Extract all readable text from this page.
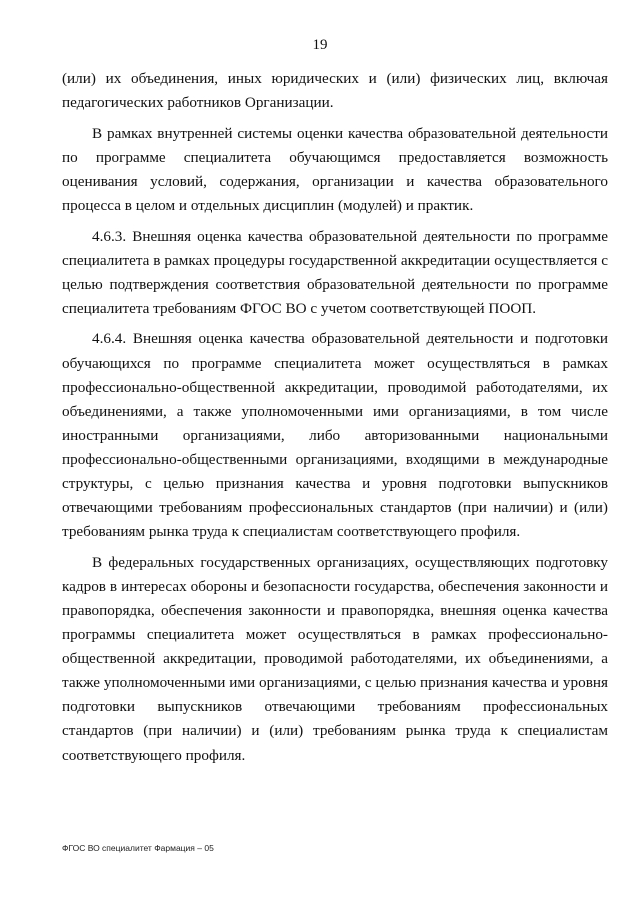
19

(или) их объединения, иных юридических и (или) физических лиц, включая педагогических работников Организации.

В рамках внутренней системы оценки качества образовательной деятельности по программе специалитета обучающимся предоставляется возможность оценивания условий, содержания, организации и качества образовательного процесса в целом и отдельных дисциплин (модулей) и практик.

4.6.3. Внешняя оценка качества образовательной деятельности по программе специалитета в рамках процедуры государственной аккредитации осуществляется с целью подтверждения соответствия образовательной деятельности по программе специалитета требованиям ФГОС ВО с учетом соответствующей ПООП.

4.6.4. Внешняя оценка качества образовательной деятельности и подготовки обучающихся по программе специалитета может осуществляться в рамках профессионально-общественной аккредитации, проводимой работодателями, их объединениями, а также уполномоченными ими организациями, в том числе иностранными организациями, либо авторизованными национальными профессионально-общественными организациями, входящими в международные структуры, с целью признания качества и уровня подготовки выпускников отвечающими требованиям профессиональных стандартов (при наличии) и (или) требованиям рынка труда к специалистам соответствующего профиля.

В федеральных государственных организациях, осуществляющих подготовку кадров в интересах обороны и безопасности государства, обеспечения законности и правопорядка, обеспечения законности и правопорядка, внешняя оценка качества программы специалитета может осуществляться в рамках профессионально-общественной аккредитации, проводимой работодателями, их объединениями, а также уполномоченными ими организациями, с целью признания качества и уровня подготовки выпускников отвечающими требованиям профессиональных стандартов (при наличии) и (или) требованиям рынка труда к специалистам соответствующего профиля.

ФГОС ВО специалитет Фармация – 05
